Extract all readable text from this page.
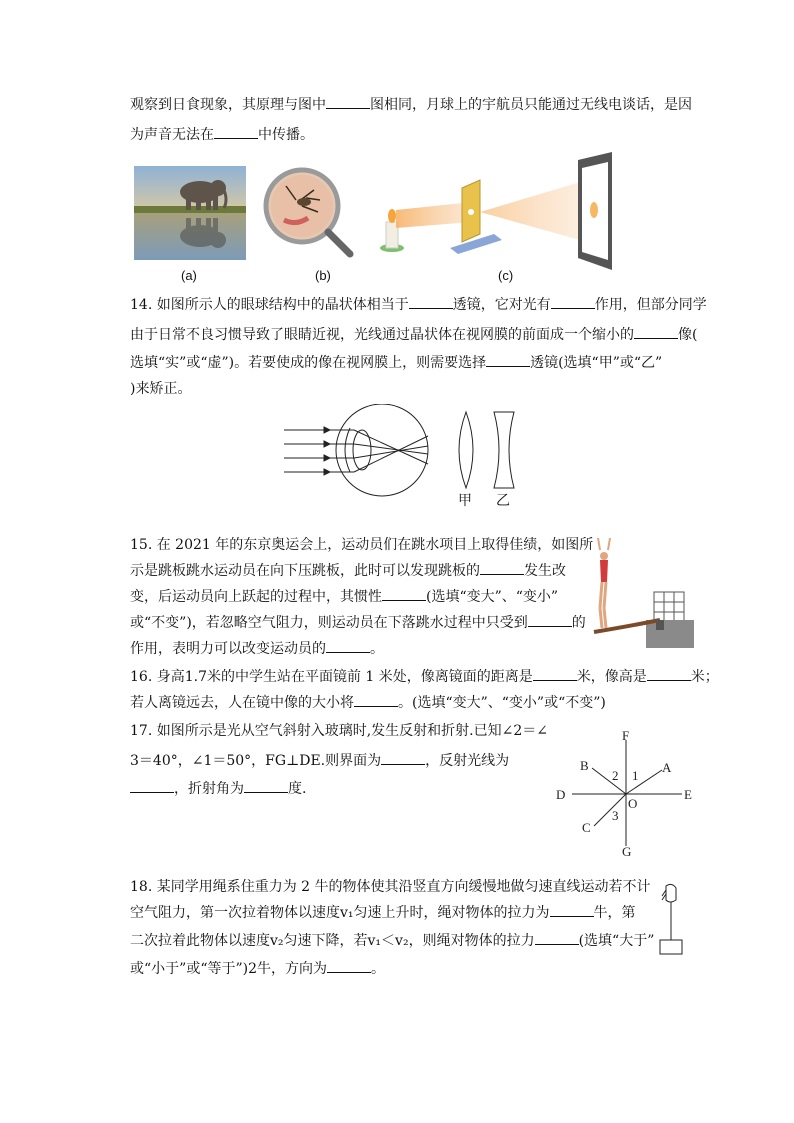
观察到日食现象，其原理与图中	图相同，月球上的宇航员只能通过无线电谈话，是因
为声音无法在	中传播。
(a)	(b)	(c)
14. 如图所示人的眼球结构中的晶状体相当于	透镜，它对光有	作用，但部分同学
由于日常不良习惯导致了眼睛近视，光线通过晶状体在视网膜的前面成一个缩小的	像(
选填“实”或“虚”)。若要使成的像在视网膜上，则需要选择	透镜(选填“甲”或“乙”
)来矫正。
甲 乙
15. 在 2021 年的东京奥运会上，运动员们在跳水项目上取得佳绩，如图所
示是跳板跳水运动员在向下压跳板，此时可以发现跳板的	发生改
变，后运动员向上跃起的过程中，其惯性	(选填“变大”、“变小”
或“不变”)，若忽略空气阻力，则运动员在下落跳水过程中只受到	的
作用，表明力可以改变运动员的	。
16. 身高1.7米的中学生站在平面镜前 1 米处，像离镜面的距离是	米，像高是	米；
若人离镜远去，人在镜中像的大小将	。(选填“变大”、“变小”或“不变”)
17. 如图所示是光从空气斜射入玻璃时,发生反射和折射.已知∠2＝∠
3＝40°，∠1＝50°，FG⊥DE.则界面为	，反射光线为
，折射角为	度.
F
G
D	E
A
B
C
O
1
2
3
18. 某同学用绳系住重力为 2 牛的物体使其沿竖直方向缓慢地做匀速直线运动若不计
空气阻力，第一次拉着物体以速度v₁匀速上升时，绳对物体的拉力为	牛，第
二次拉着此物体以速度v₂匀速下降，若v₁＜v₂，则绳对物体的拉力	(选填“大于”
或“小于”或“等于”)2牛，方向为	。
